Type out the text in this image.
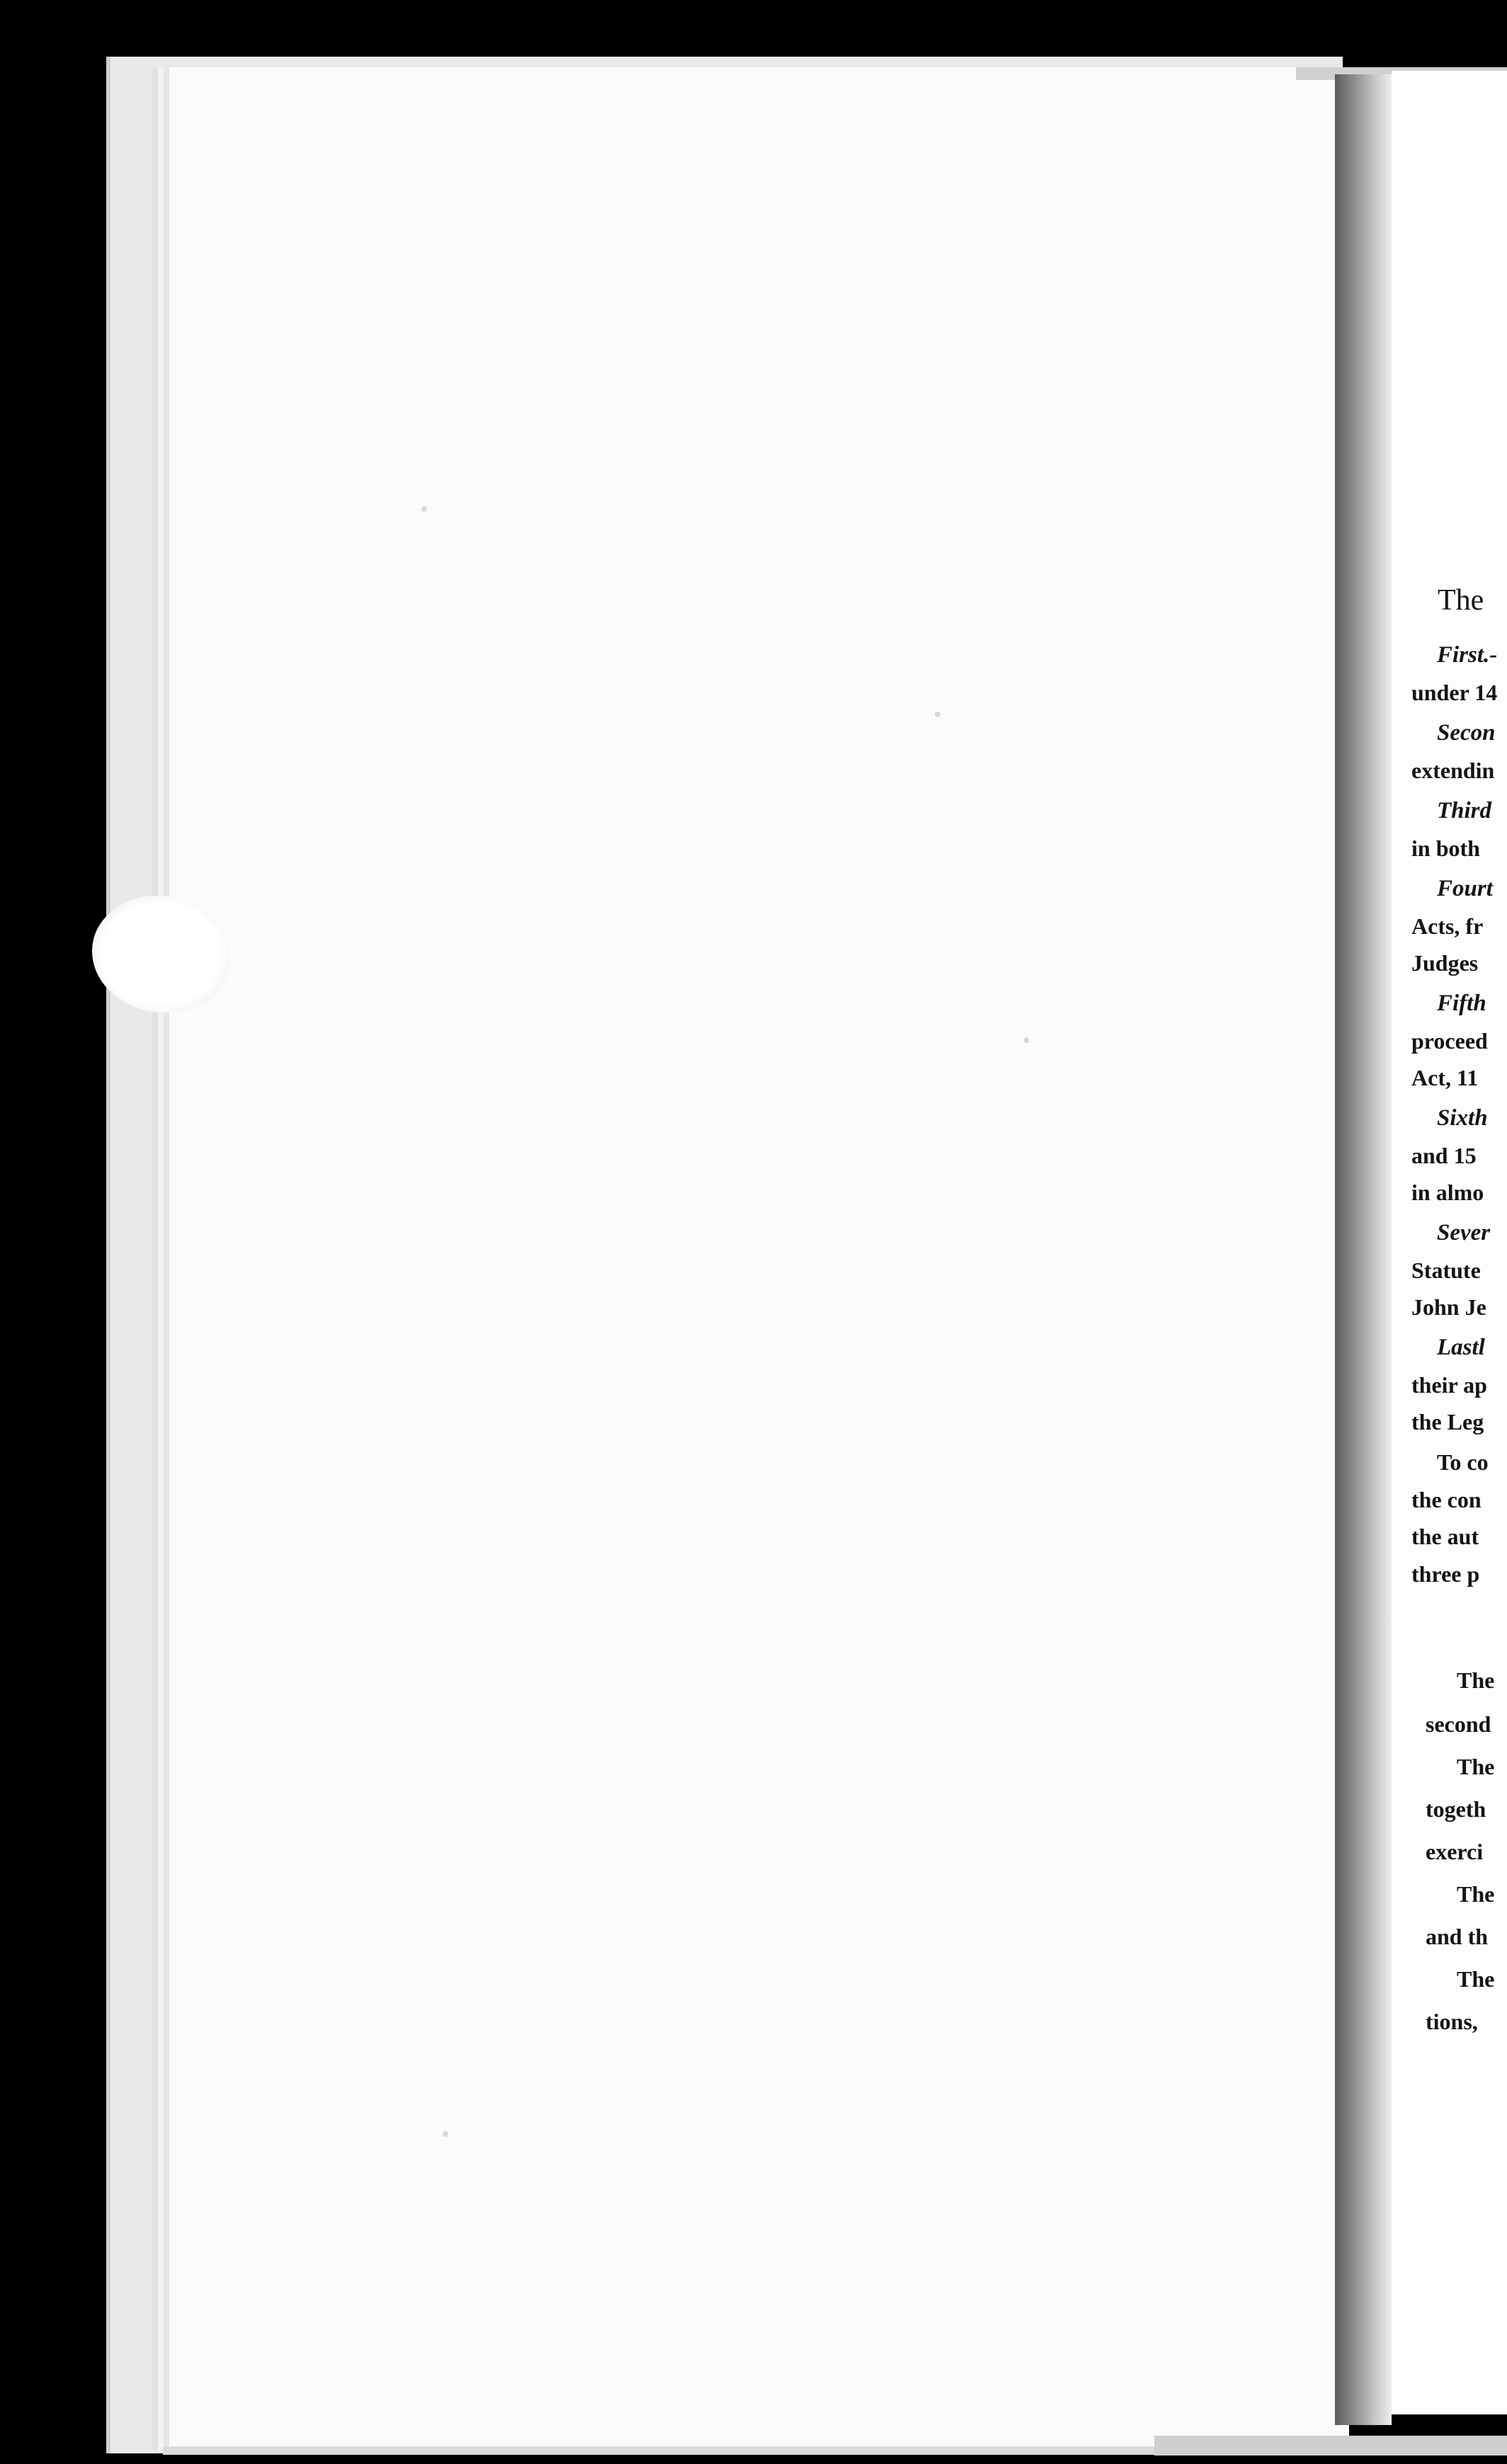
The
First.-
under 14
Secon
extendin
Third
in both
Fourt
Acts, fr
Judges
Fifth
proceed
Act, 11
Sixth
and 15
in almo
Sever
Statute
John Je
Lastl
their ap
the Leg
To co
the con
the aut
three p
The
second
The
togeth
exerci
The
and th
The
tions,
